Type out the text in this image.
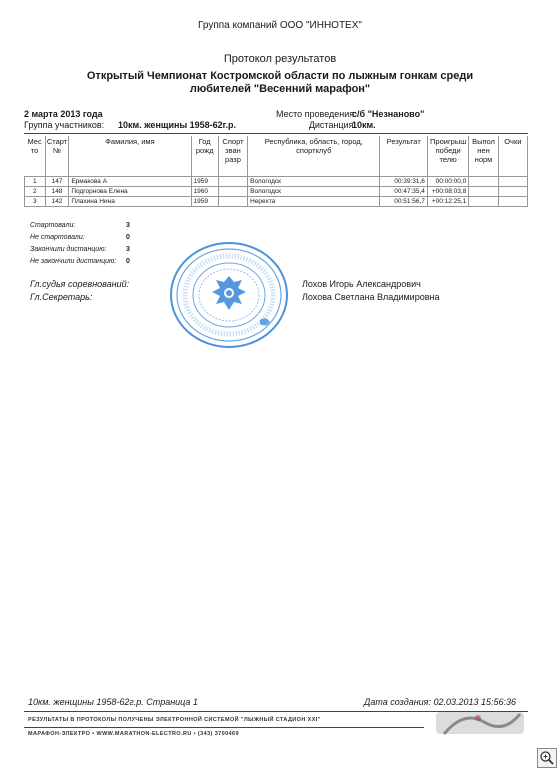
Группа компаний ООО "ИННОТЕХ"
Протокол результатов
Открытый Чемпионат Костромской области по лыжным гонкам среди
любителей "Весенний марафон"
2 марта 2013 года
Группа участников: 10км. женщины 1958-62г.р.
Место проведения:
с/б "Незнаново"
Дистанция:
10км.
Мес то	Старт №	Фамилия, имя	Год рожд	Спорт зван разр	Республика, область, город, спортклуб	Результат	Проигрыш победи телю	Выпол нен норм	Очки
1	147	Ермакова А	1959		Вологодск	00:39:31,6	00:00:00,0		
2	148	Подгорнова Елена	1960		Вологодск	00:47:35,4	+00:08:03,8		
3	142	Плахина Нина	1959		Нерехта	00:51:56,7	+00:12:25,1		
Стартовали:	3
Не стартовали:	0
Закончили дистанцию:	3
Не закончили дистанцию: 0
Гл.судья соревнований:	Лохов Игорь Александрович
Гл.Секретарь:	Лохова Светлана Владимировна
10км. женщины 1958-62г.р. Страница 1	Дата создания: 02.03.2013 15:56:36
РЕЗУЛЬТАТЫ В ПРОТОКОЛЫ ПОЛУЧЕНЫ ЭЛЕКТРОННОЙ СИСТЕМОЙ "ЛЫЖНЫЙ СТАДИОН XXI"
МАРАФОН-ЭЛЕКТРО • WWW.MARATHON-ELECTRO.RU • (343) 3700469
